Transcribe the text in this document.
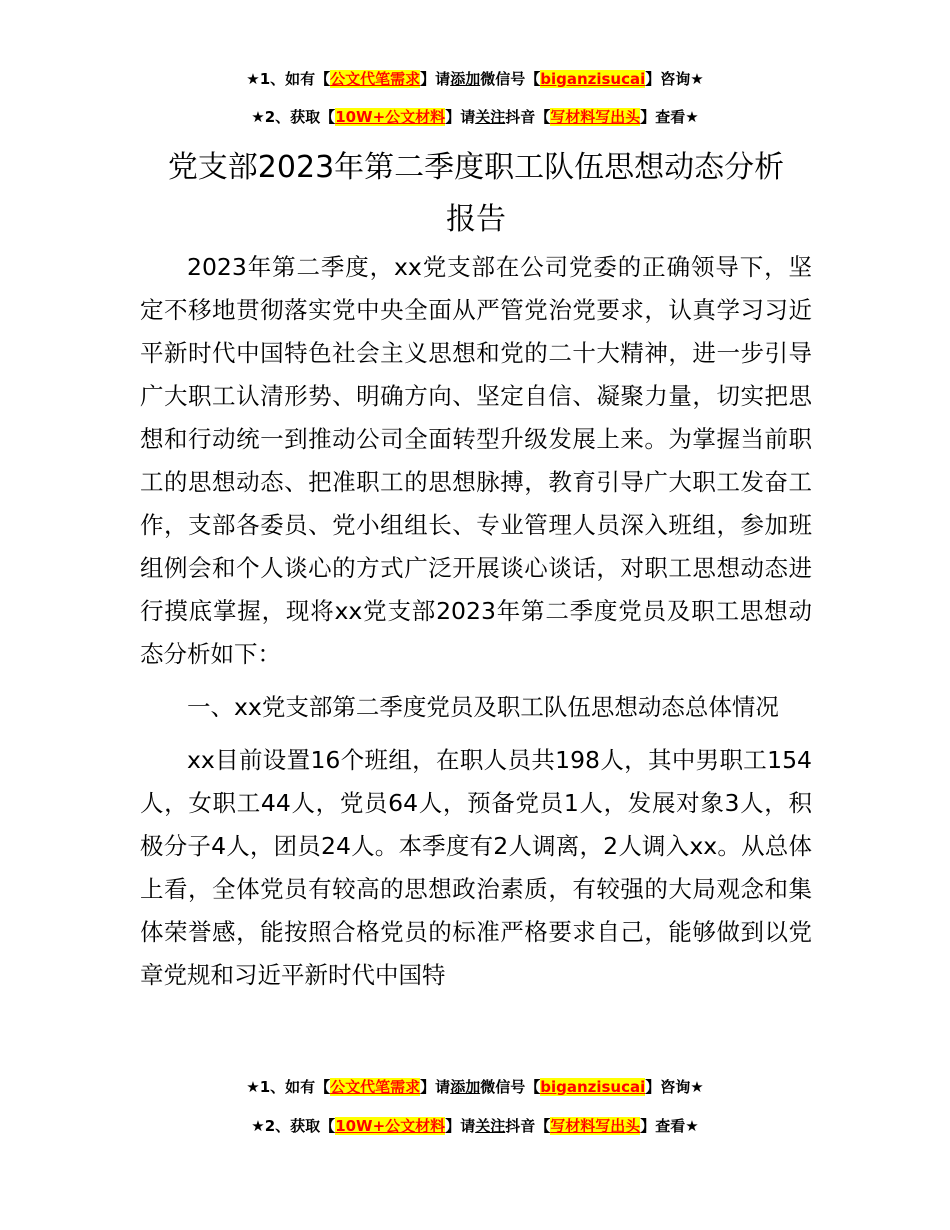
★1、如有【公文代笔需求】请添加微信号【biganzisucai】咨询★
★2、获取【10W+公文材料】请关注抖音【写材料写出头】查看★
党支部2023年第二季度职工队伍思想动态分析
报告

2023年第二季度，xx党支部在公司党委的正确领导下，坚定不移地贯彻落实党中央全面从严管党治党要求，认真学习习近平新时代中国特色社会主义思想和党的二十大精神，进一步引导广大职工认清形势、明确方向、坚定自信、凝聚力量，切实把思想和行动统一到推动公司全面转型升级发展上来。为掌握当前职工的思想动态、把准职工的思想脉搏，教育引导广大职工发奋工作，支部各委员、党小组组长、专业管理人员深入班组，参加班组例会和个人谈心的方式广泛开展谈心谈话，对职工思想动态进行摸底掌握，现将xx党支部2023年第二季度党员及职工思想动态分析如下：

一、xx党支部第二季度党员及职工队伍思想动态总体情况

xx目前设置16个班组，在职人员共198人，其中男职工154人，女职工44人，党员64人，预备党员1人，发展对象3人，积极分子4人，团员24人。本季度有2人调离，2人调入xx。从总体上看，全体党员有较高的思想政治素质，有较强的大局观念和集体荣誉感，能按照合格党员的标准严格要求自己，能够做到以党章党规和习近平新时代中国特

★1、如有【公文代笔需求】请添加微信号【biganzisucai】咨询★
★2、获取【10W+公文材料】请关注抖音【写材料写出头】查看★
